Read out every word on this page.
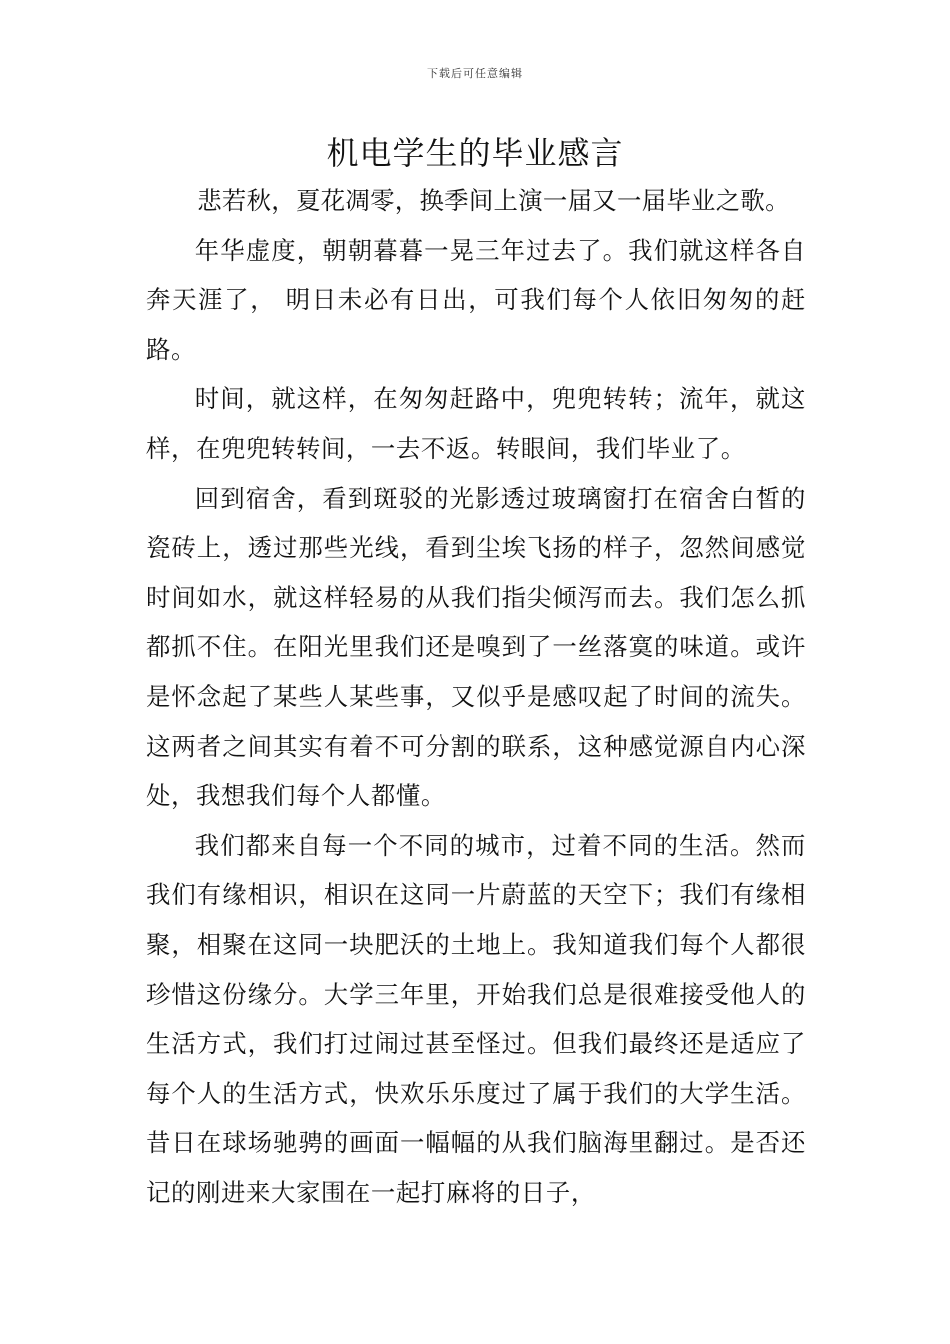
下载后可任意编辑
机电学生的毕业感言

悲若秋，夏花凋零，换季间上演一届又一届毕业之歌。

年华虚度，朝朝暮暮一晃三年过去了。我们就这样各自奔天涯了， 明日未必有日出，可我们每个人依旧匆匆的赶路。

时间，就这样，在匆匆赶路中，兜兜转转；流年，就这样，在兜兜转转间，一去不返。转眼间，我们毕业了。

回到宿舍，看到斑驳的光影透过玻璃窗打在宿舍白皙的瓷砖上，透过那些光线，看到尘埃飞扬的样子，忽然间感觉时间如水，就这样轻易的从我们指尖倾泻而去。我们怎么抓都抓不住。在阳光里我们还是嗅到了一丝落寞的味道。或许是怀念起了某些人某些事，又似乎是感叹起了时间的流失。这两者之间其实有着不可分割的联系，这种感觉源自内心深处，我想我们每个人都懂。

我们都来自每一个不同的城市，过着不同的生活。然而我们有缘相识，相识在这同一片蔚蓝的天空下；我们有缘相聚，相聚在这同一块肥沃的土地上。我知道我们每个人都很珍惜这份缘分。大学三年里，开始我们总是很难接受他人的生活方式，我们打过闹过甚至怪过。但我们最终还是适应了每个人的生活方式，快欢乐乐度过了属于我们的大学生活。昔日在球场驰骋的画面一幅幅的从我们脑海里翻过。是否还记的刚进来大家围在一起打麻将的日子，
